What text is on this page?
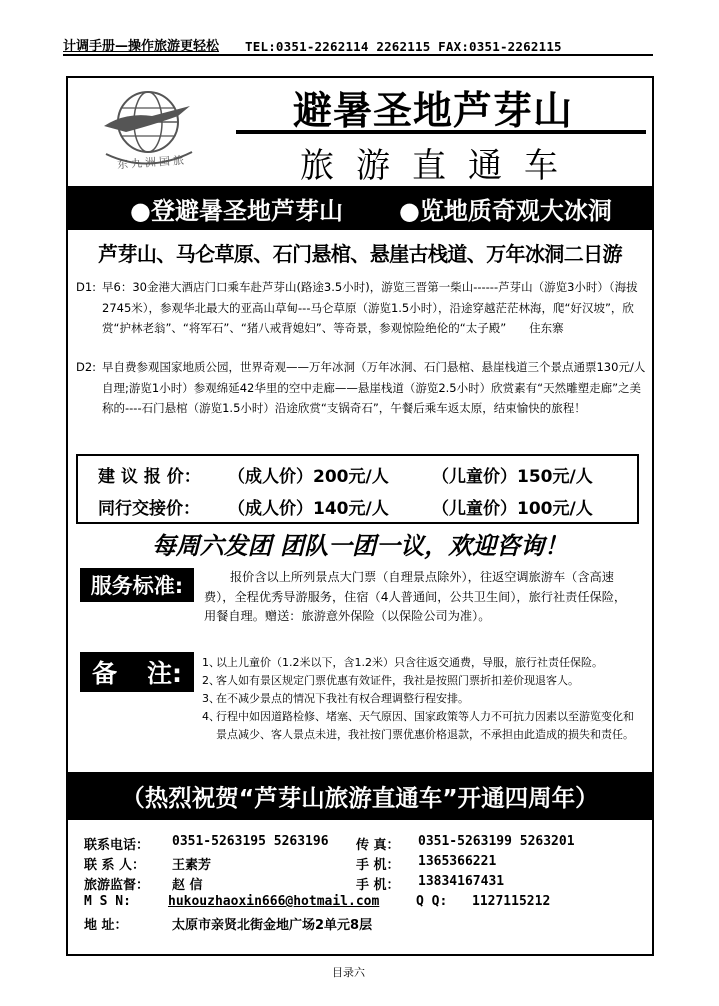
计调手册—操作旅游更轻松 TEL:0351-2262114 2262115 FAX:0351-2262115
东九洲国旅
避暑圣地芦芽山
旅游直通车
●登避暑圣地芦芽山 ●览地质奇观大冰洞
芦芽山、马仑草原、石门悬棺、悬崖古栈道、万年冰洞二日游
D1: 早6：30金港大酒店门口乘车赴芦芽山(路途3.5小时)，游览三晋第一柴山------芦芽山（游览3小时）（海拔2745米），参观华北最大的亚高山草甸---马仑草原（游览1.5小时），沿途穿越茫茫林海，爬“好汉坡”，欣赏“护林老翁”、“将军石”、“猪八戒背媳妇”、等奇景，参观惊险绝伦的“太子殿”　　住东寨
D2: 早自费参观国家地质公园，世界奇观——万年冰洞（万年冰洞、石门悬棺、悬崖栈道三个景点通票130元/人自理;游览1小时）参观绵延42华里的空中走廊——悬崖栈道（游览2.5小时）欣赏素有“天然雕塑走廊”之美称的----石门悬棺（游览1.5小时）沿途欣赏“支锅奇石”，午餐后乘车返太原，结束愉快的旅程！
建 议 报 价： （成人价）200元/人	（儿童价）150元/人
同行交接价： （成人价）140元/人	（儿童价）100元/人
每周六发团 团队一团一议，欢迎咨询！
服务标准:	报价含以上所列景点大门票（自理景点除外），往返空调旅游车（含高速费），全程优秀导游服务，住宿（4人普通间，公共卫生间），旅行社责任保险，用餐自理。赠送：旅游意外保险（以保险公司为准）。
备 注: 1、
以上儿童价（1.2米以下，含1.2米）只含往返交通费，导服，旅行社责任保险。
2、
客人如有景区规定门票优惠有效证件，我社是按照门票折扣差价现退客人。
3、
在不减少景点的情况下我社有权合理调整行程安排。
4、
行程中如因道路检修、堵塞、天气原因、国家政策等人力不可抗力因素以至游览变化和景点减少、客人景点未进，我社按门票优惠价格退款，不承担由此造成的损失和责任。
（热烈祝贺“芦芽山旅游直通车”开通四周年）
联系电话： 0351-5263195 5263196 传 真： 0351-5263199 5263201
联 系 人： 王素芳	手 机： 13653662​21
旅游监督： 赵 信	手 机： 13834167431
M S N:	hukouzhaoxin666@hotmail.com	Q Q: 1127115212
地 址：	太原市亲贤北街金地广场2单元8层
目录六
